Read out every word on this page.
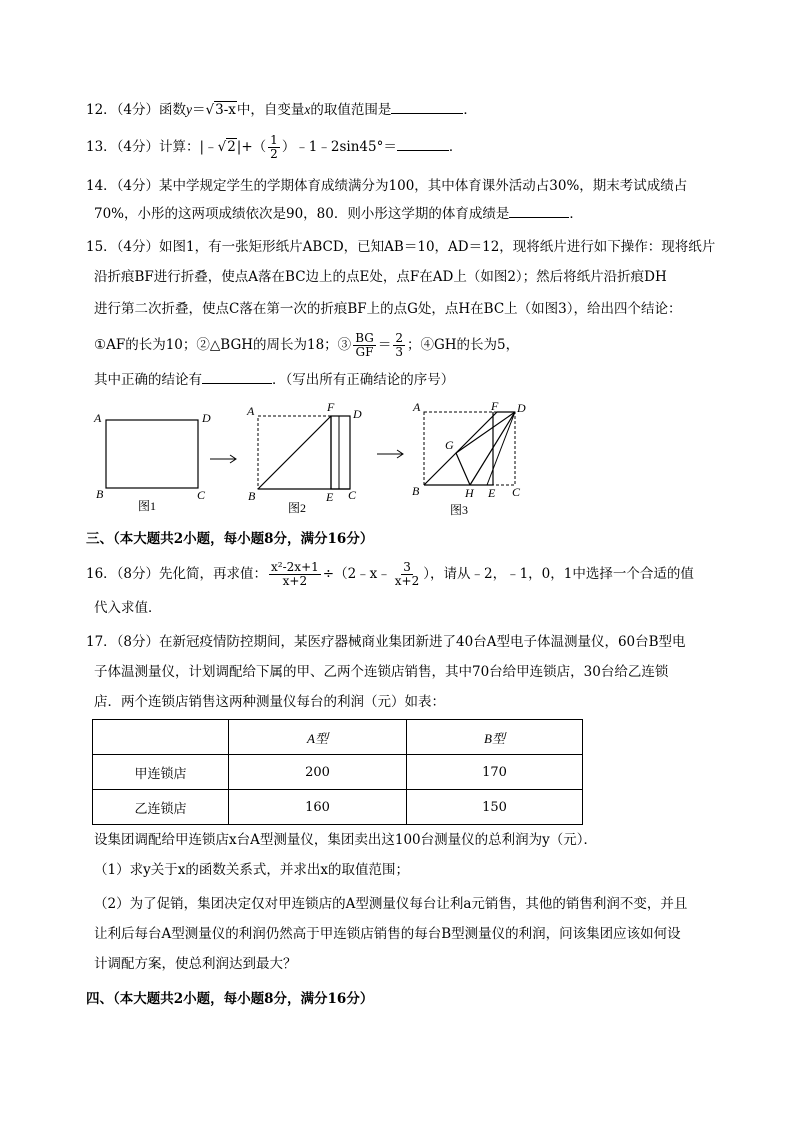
12．（4分）函数y＝√3-x中，自变量x的取值范围是	．
13．（4分）计算：|﹣√2|+（ $\frac{1}{2}$ ）﹣1﹣2sin45°＝	．
14．（4分）某中学规定学生的学期体育成绩满分为100，其中体育课外活动占30%，期末考试成绩占
70%，小彤的这两项成绩依次是90，80．则小彤这学期的体育成绩是	．
15．（4分）如图1，有一张矩形纸片ABCD，已知AB＝10，AD＝12，现将纸片进行如下操作：现将纸片
沿折痕BF进行折叠，使点A落在BC边上的点E处，点F在AD上（如图2）；然后将纸片沿折痕DH
进行第二次折叠，使点C落在第一次的折痕BF上的点G处，点H在BC上（如图3），给出四个结论：
①AF的长为10；②△BGH的周长为18；③ $\frac{BG}{GF} = \frac{2}{3}$ ；④GH的长为5，
其中正确的结论有	．（写出所有正确结论的序号）
A	D
B	C
图1
A	F D
B	E C
图2
A	F D
G
B	H E C
图3
三、（本大题共2小题，每小题8分，满分16分）
16．（8分）先化简，再求值： $\frac{\text{x²-2x+1}}{x+2}$ ÷（2﹣x﹣ $\frac{3}{x+2}$ ），请从﹣2，﹣1，0，1中选择一个合适的值
代入求值．
17．（8分）在新冠疫情防控期间，某医疗器械商业集团新进了40台A型电子体温测量仪，60台B型电
子体温测量仪，计划调配给下属的甲、乙两个连锁店销售，其中70台给甲连锁店，30台给乙连锁
店．两个连锁店销售这两种测量仪每台的利润（元）如表：
	A型	B型
甲连锁店	200	170
乙连锁店	160	150
设集团调配给甲连锁店x台A型测量仪，集团卖出这100台测量仪的总利润为y（元）．
（1）求y关于x的函数关系式，并求出x的取值范围；
（2）为了促销，集团决定仅对甲连锁店的A型测量仪每台让利a元销售，其他的销售利润不变，并且
让利后每台A型测量仪的利润仍然高于甲连锁店销售的每台B型测量仪的利润，问该集团应该如何设
计调配方案，使总利润达到最大？
四、（本大题共2小题，每小题8分，满分16分）
